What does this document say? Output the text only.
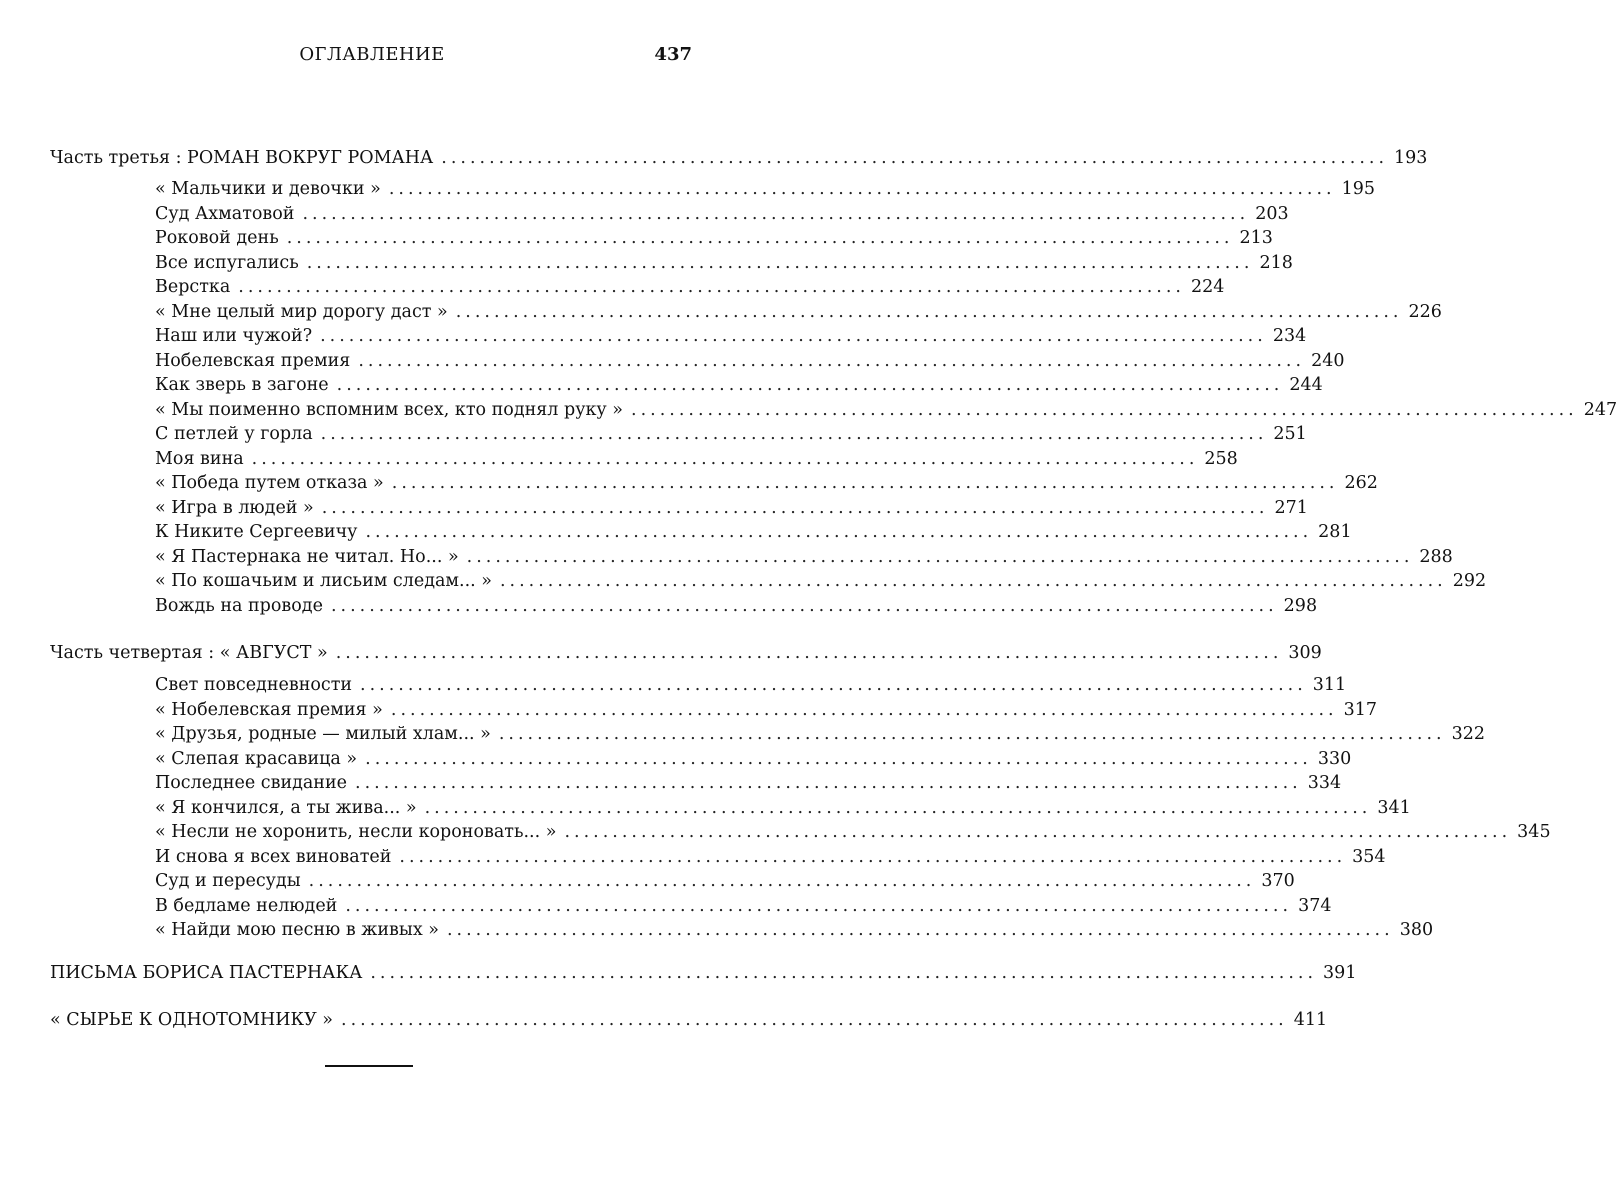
ОГЛАВЛЕНИЕ	437
Часть третья : РОМАН ВОКРУГ РОМАНА ................................................................................................... 193
« Мальчики и девочки » ................................................................................................... 195
Суд Ахматовой ................................................................................................... 203
Роковой день ................................................................................................... 213
Все испугались ................................................................................................... 218
Верстка ................................................................................................... 224
« Мне целый мир дорогу даст » ................................................................................................... 226
Наш или чужой? ................................................................................................... 234
Нобелевская премия ................................................................................................... 240
Как зверь в загоне ................................................................................................... 244
« Мы поименно вспомним всех, кто поднял руку » ................................................................................................... 247
С петлей у горла ................................................................................................... 251
Моя вина ................................................................................................... 258
« Победа путем отказа » ................................................................................................... 262
« Игра в людей » ................................................................................................... 271
К Никите Сергеевичу ................................................................................................... 281
« Я Пастернака не читал. Но... » ................................................................................................... 288
« По кошачьим и лисьим следам... » ................................................................................................... 292
Вождь на проводе ................................................................................................... 298
Часть четвертая : « АВГУСТ » ................................................................................................... 309
Свет повседневности ................................................................................................... 311
« Нобелевская премия » ................................................................................................... 317
« Друзья, родные — милый хлам... » ................................................................................................... 322
« Слепая красавица » ................................................................................................... 330
Последнее свидание ................................................................................................... 334
« Я кончился, а ты жива... » ................................................................................................... 341
« Несли не хоронить, несли короновать... » ................................................................................................... 345
И снова я всех виноватей ................................................................................................... 354
Суд и пересуды ................................................................................................... 370
В бедламе нелюдей ................................................................................................... 374
« Найди мою песню в живых » ................................................................................................... 380
ПИСЬМА БОРИСА ПАСТЕРНАКА ................................................................................................... 391
« СЫРЬЕ К ОДНОТОМНИКУ » ................................................................................................... 411
